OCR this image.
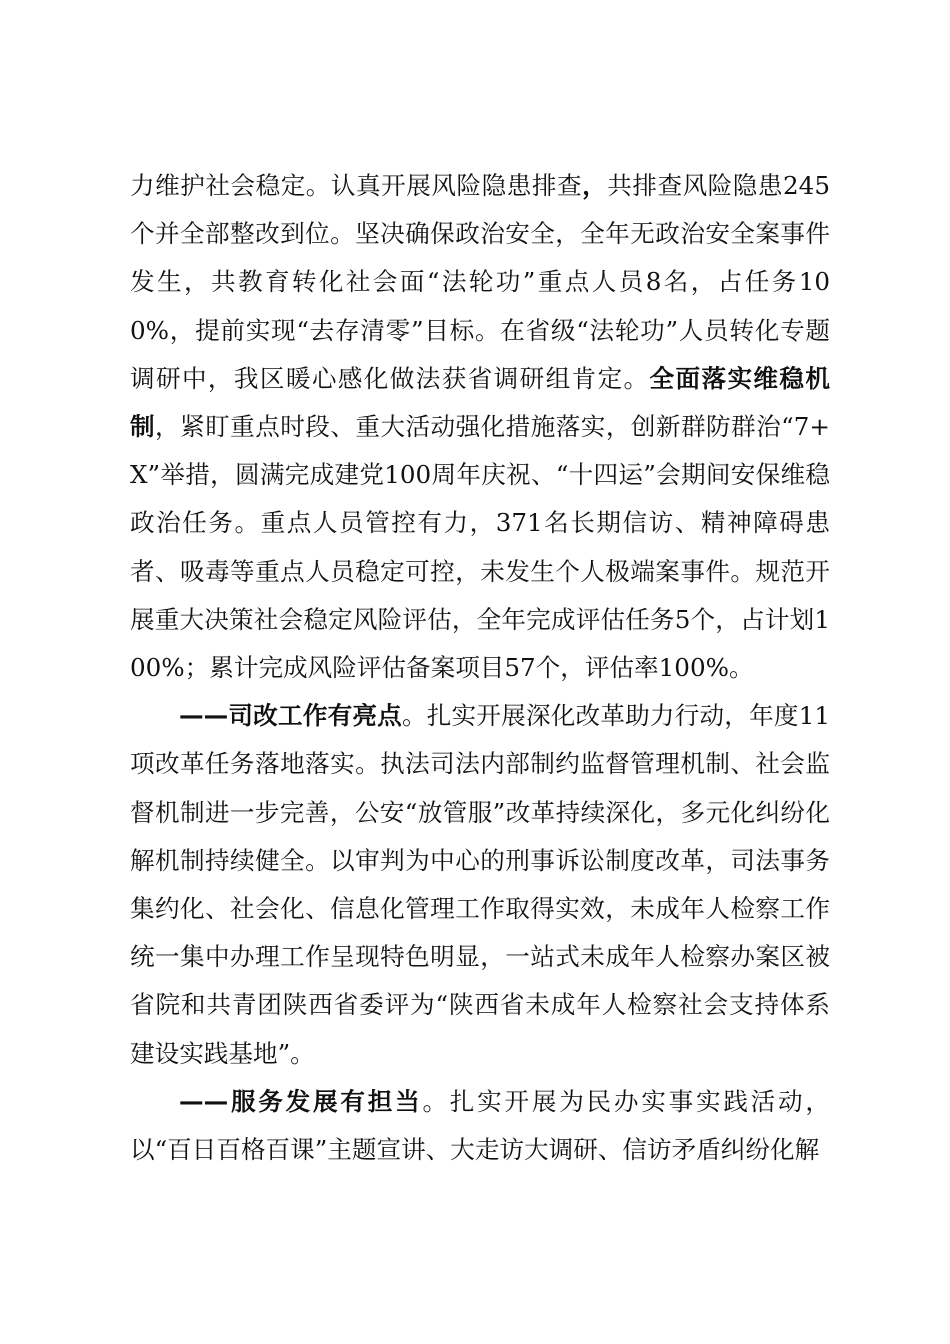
力维护社会稳定。认真开展风险隐患排查，共排查风险隐患245个并全部整改到位。坚决确保政治安全，全年无政治安全案事件发生，共教育转化社会面“法轮功”重点人员8名，占任务100%，提前实现“去存清零”目标。在省级“法轮功”人员转化专题调研中，我区暖心感化做法获省调研组肯定。全面落实维稳机制，紧盯重点时段、重大活动强化措施落实，创新群防群治“7+X”举措，圆满完成建党100周年庆祝、“十四运”会期间安保维稳政治任务。重点人员管控有力，371名长期信访、精神障碍患者、吸毒等重点人员稳定可控，未发生个人极端案事件。规范开展重大决策社会稳定风险评估，全年完成评估任务5个，占计划100%；累计完成风险评估备案项目57个，评估率100%。

——司改工作有亮点。扎实开展深化改革助力行动，年度11项改革任务落地落实。执法司法内部制约监督管理机制、社会监督机制进一步完善，公安“放管服”改革持续深化，多元化纠纷化解机制持续健全。以审判为中心的刑事诉讼制度改革，司法事务集约化、社会化、信息化管理工作取得实效，未成年人检察工作统一集中办理工作呈现特色明显，一站式未成年人检察办案区被省院和共青团陕西省委评为“陕西省未成年人检察社会支持体系建设实践基地”。

——服务发展有担当。扎实开展为民办实事实践活动，以“百日百格百课”主题宣讲、大走访大调研、信访矛盾纠纷化解
